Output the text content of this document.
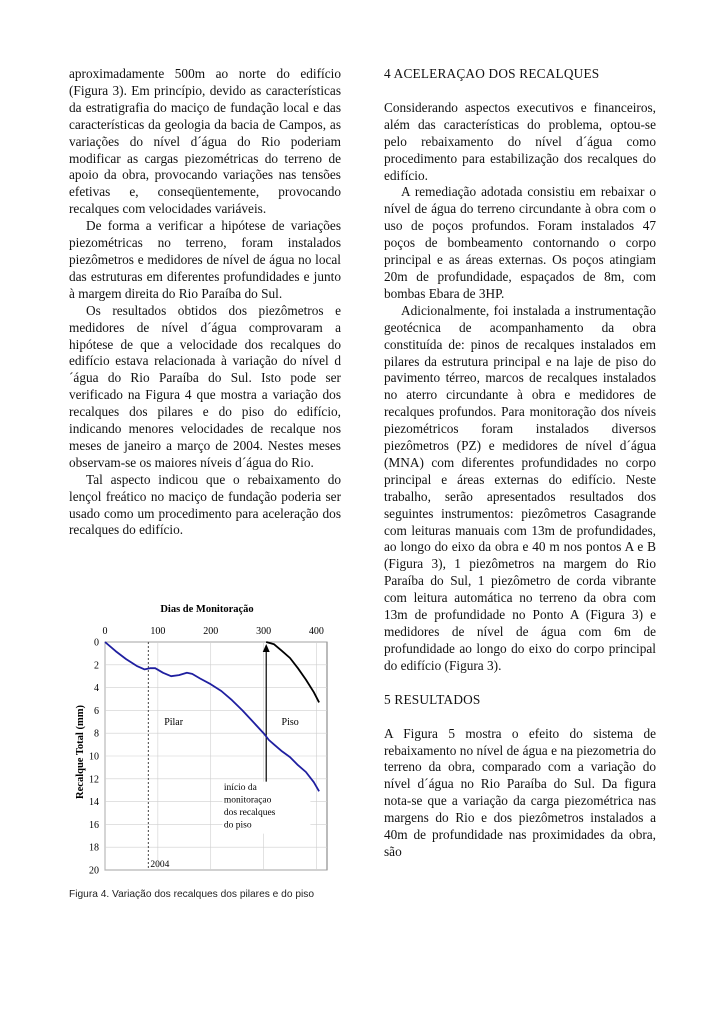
aproximadamente 500m ao norte do edifício (Figura 3). Em princípio, devido as características da estratigrafia do maciço de fundação local e das características da geologia da bacia de Campos, as variações do nível d´água do Rio poderiam modificar as cargas piezométricas do terreno de apoio da obra, provocando variações nas tensões efetivas e, conseqüentemente, provocando recalques com velocidades variáveis.

De forma a verificar a hipótese de variações piezométricas no terreno, foram instalados piezômetros e medidores de nível de água no local das estruturas em diferentes profundidades e junto à margem direita do Rio Paraíba do Sul.

Os resultados obtidos dos piezômetros e medidores de nível d´água comprovaram a hipótese de que a velocidade dos recalques do edifício estava relacionada à variação do nível d´água do Rio Paraíba do Sul. Isto pode ser verificado na Figura 4 que mostra a variação dos recalques dos pilares e do piso do edifício, indicando menores velocidades de recalque nos meses de janeiro a março de 2004. Nestes meses observam-se os maiores níveis d´água do Rio.

Tal aspecto indicou que o rebaixamento do lençol freático no maciço de fundação poderia ser usado como um procedimento para aceleração dos recalques do edifício.

Dias de Monitoração
Recalque Total (mm)
0
2
4
6
8
10
12
14
16
18
20
0	100	200	300	400
2004
início da
monitoraçao
dos recalques
do piso
Pilar	Piso
Figura 4. Variação dos recalques dos pilares e do piso
4 ACELERAÇAO DOS RECALQUES

Considerando aspectos executivos e financeiros, além das características do problema, optou-se pelo rebaixamento do nível d´água como procedimento para estabilização dos recalques do edifício.

A remediação adotada consistiu em rebaixar o nível de água do terreno circundante à obra com o uso de poços profundos. Foram instalados 47 poços de bombeamento contornando o corpo principal e as áreas externas. Os poços atingiam 20m de profundidade, espaçados de 8m, com bombas Ebara de 3HP.

Adicionalmente, foi instalada a instrumentação geotécnica de acompanhamento da obra constituída de: pinos de recalques instalados em pilares da estrutura principal e na laje de piso do pavimento térreo, marcos de recalques instalados no aterro circundante à obra e medidores de recalques profundos. Para monitoração dos níveis piezométricos foram instalados diversos piezômetros (PZ) e medidores de nível d´água (MNA) com diferentes profundidades no corpo principal e áreas externas do edifício. Neste trabalho, serão apresentados resultados dos seguintes instrumentos: piezômetros Casagrande com leituras manuais com 13m de profundidades, ao longo do eixo da obra e 40 m nos pontos A e B (Figura 3), 1 piezômetros na margem do Rio Paraíba do Sul, 1 piezômetro de corda vibrante com leitura automática no terreno da obra com 13m de profundidade no Ponto A (Figura 3) e medidores de nível de água com 6m de profundidade ao longo do eixo do corpo principal do edifício (Figura 3).

5 RESULTADOS

A Figura 5 mostra o efeito do sistema de rebaixamento no nível de água e na piezometria do terreno da obra, comparado com a variação do nível d´água no Rio Paraíba do Sul. Da figura nota-se que a variação da carga piezométrica nas margens do Rio e dos piezômetros instalados a 40m de profundidade nas proximidades da obra, são
